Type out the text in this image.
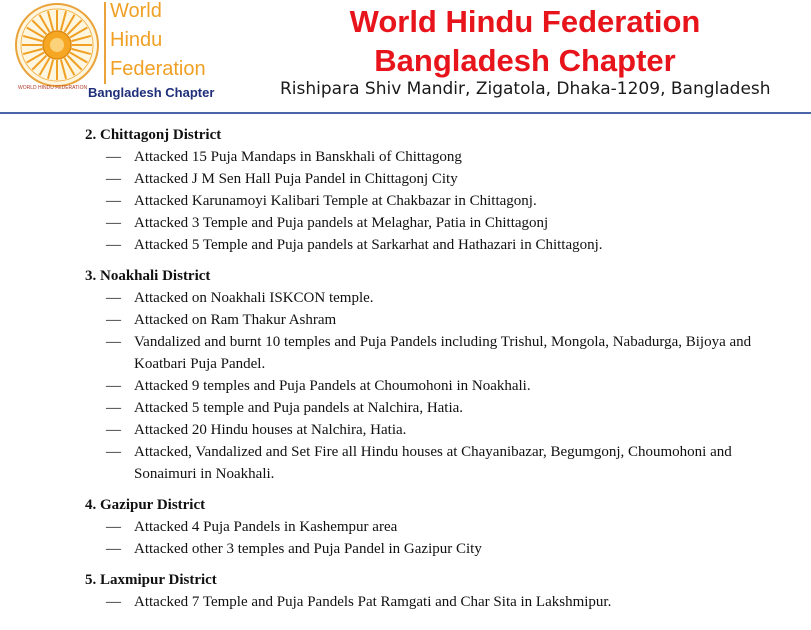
WORLD HINDU FEDERATION
World
Hindu
Federation
Bangladesh Chapter
World Hindu Federation
Bangladesh Chapter
Rishipara Shiv Mandir, Zigatola, Dhaka-1209, Bangladesh
2. Chittagonj District
— Attacked 15 Puja Mandaps in Banskhali of Chittagong
— Attacked J M Sen Hall Puja Pandel in Chittagonj City
— Attacked Karunamoyi Kalibari Temple at Chakbazar in Chittagonj.
— Attacked 3 Temple and Puja pandels at Melaghar, Patia in Chittagonj
— Attacked 5 Temple and Puja pandels at Sarkarhat and Hathazari in Chittagonj.
3. Noakhali District
— Attacked on Noakhali ISKCON temple.
— Attacked on Ram Thakur Ashram
— Vandalized and burnt 10 temples and Puja Pandels including Trishul, Mongola, Nabadurga, Bijoya and Koatbari Puja Pandel.
— Attacked 9 temples and Puja Pandels at Choumohoni in Noakhali.
— Attacked 5 temple and Puja pandels at Nalchira, Hatia.
— Attacked 20 Hindu houses at Nalchira, Hatia.
— Attacked, Vandalized and Set Fire all Hindu houses at Chayanibazar, Begumgonj, Choumohoni and Sonaimuri in Noakhali.
4. Gazipur District
— Attacked 4 Puja Pandels in Kashempur area
— Attacked other 3 temples and Puja Pandel in Gazipur City
5. Laxmipur District
— Attacked 7 Temple and Puja Pandels Pat Ramgati and Char Sita in Lakshmipur.
